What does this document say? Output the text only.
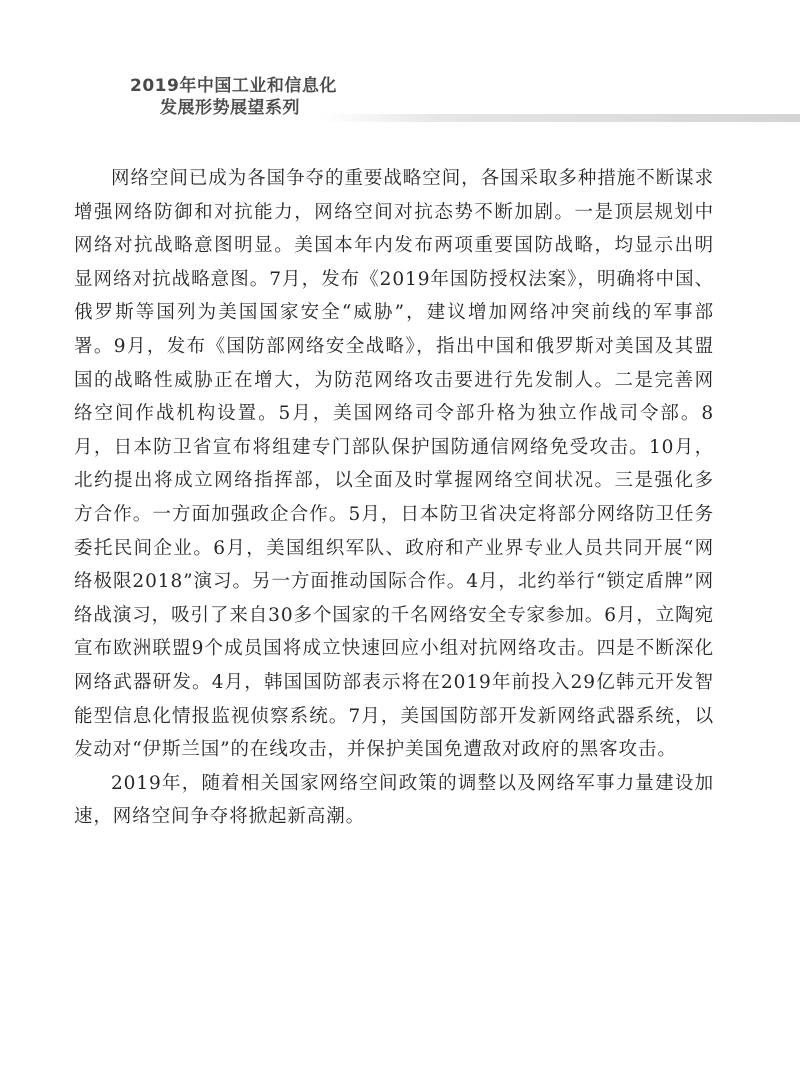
2019年中国工业和信息化
发展形势展望系列

网络空间已成为各国争夺的重要战略空间，各国采取多种措施不断谋求增强网络防御和对抗能力，网络空间对抗态势不断加剧。一是顶层规划中网络对抗战略意图明显。美国本年内发布两项重要国防战略，均显示出明显网络对抗战略意图。7月，发布《2019年国防授权法案》，明确将中国、俄罗斯等国列为美国国家安全“威胁”，建议增加网络冲突前线的军事部署。9月，发布《国防部网络安全战略》，指出中国和俄罗斯对美国及其盟国的战略性威胁正在增大，为防范网络攻击要进行先发制人。二是完善网络空间作战机构设置。5月，美国网络司令部升格为独立作战司令部。8月，日本防卫省宣布将组建专门部队保护国防通信网络免受攻击。10月，北约提出将成立网络指挥部，以全面及时掌握网络空间状况。三是强化多方合作。一方面加强政企合作。5月，日本防卫省决定将部分网络防卫任务委托民间企业。6月，美国组织军队、政府和产业界专业人员共同开展“网络极限2018”演习。另一方面推动国际合作。4月，北约举行“锁定盾牌”网络战演习，吸引了来自30多个国家的千名网络安全专家参加。6月，立陶宛宣布欧洲联盟9个成员国将成立快速回应小组对抗网络攻击。四是不断深化网络武器研发。4月，韩国国防部表示将在2019年前投入29亿韩元开发智能型信息化情报监视侦察系统。7月，美国国防部开发新网络武器系统，以发动对“伊斯兰国”的在线攻击，并保护美国免遭敌对政府的黑客攻击。

2019年，随着相关国家网络空间政策的调整以及网络军事力量建设加速，网络空间争夺将掀起新高潮。
